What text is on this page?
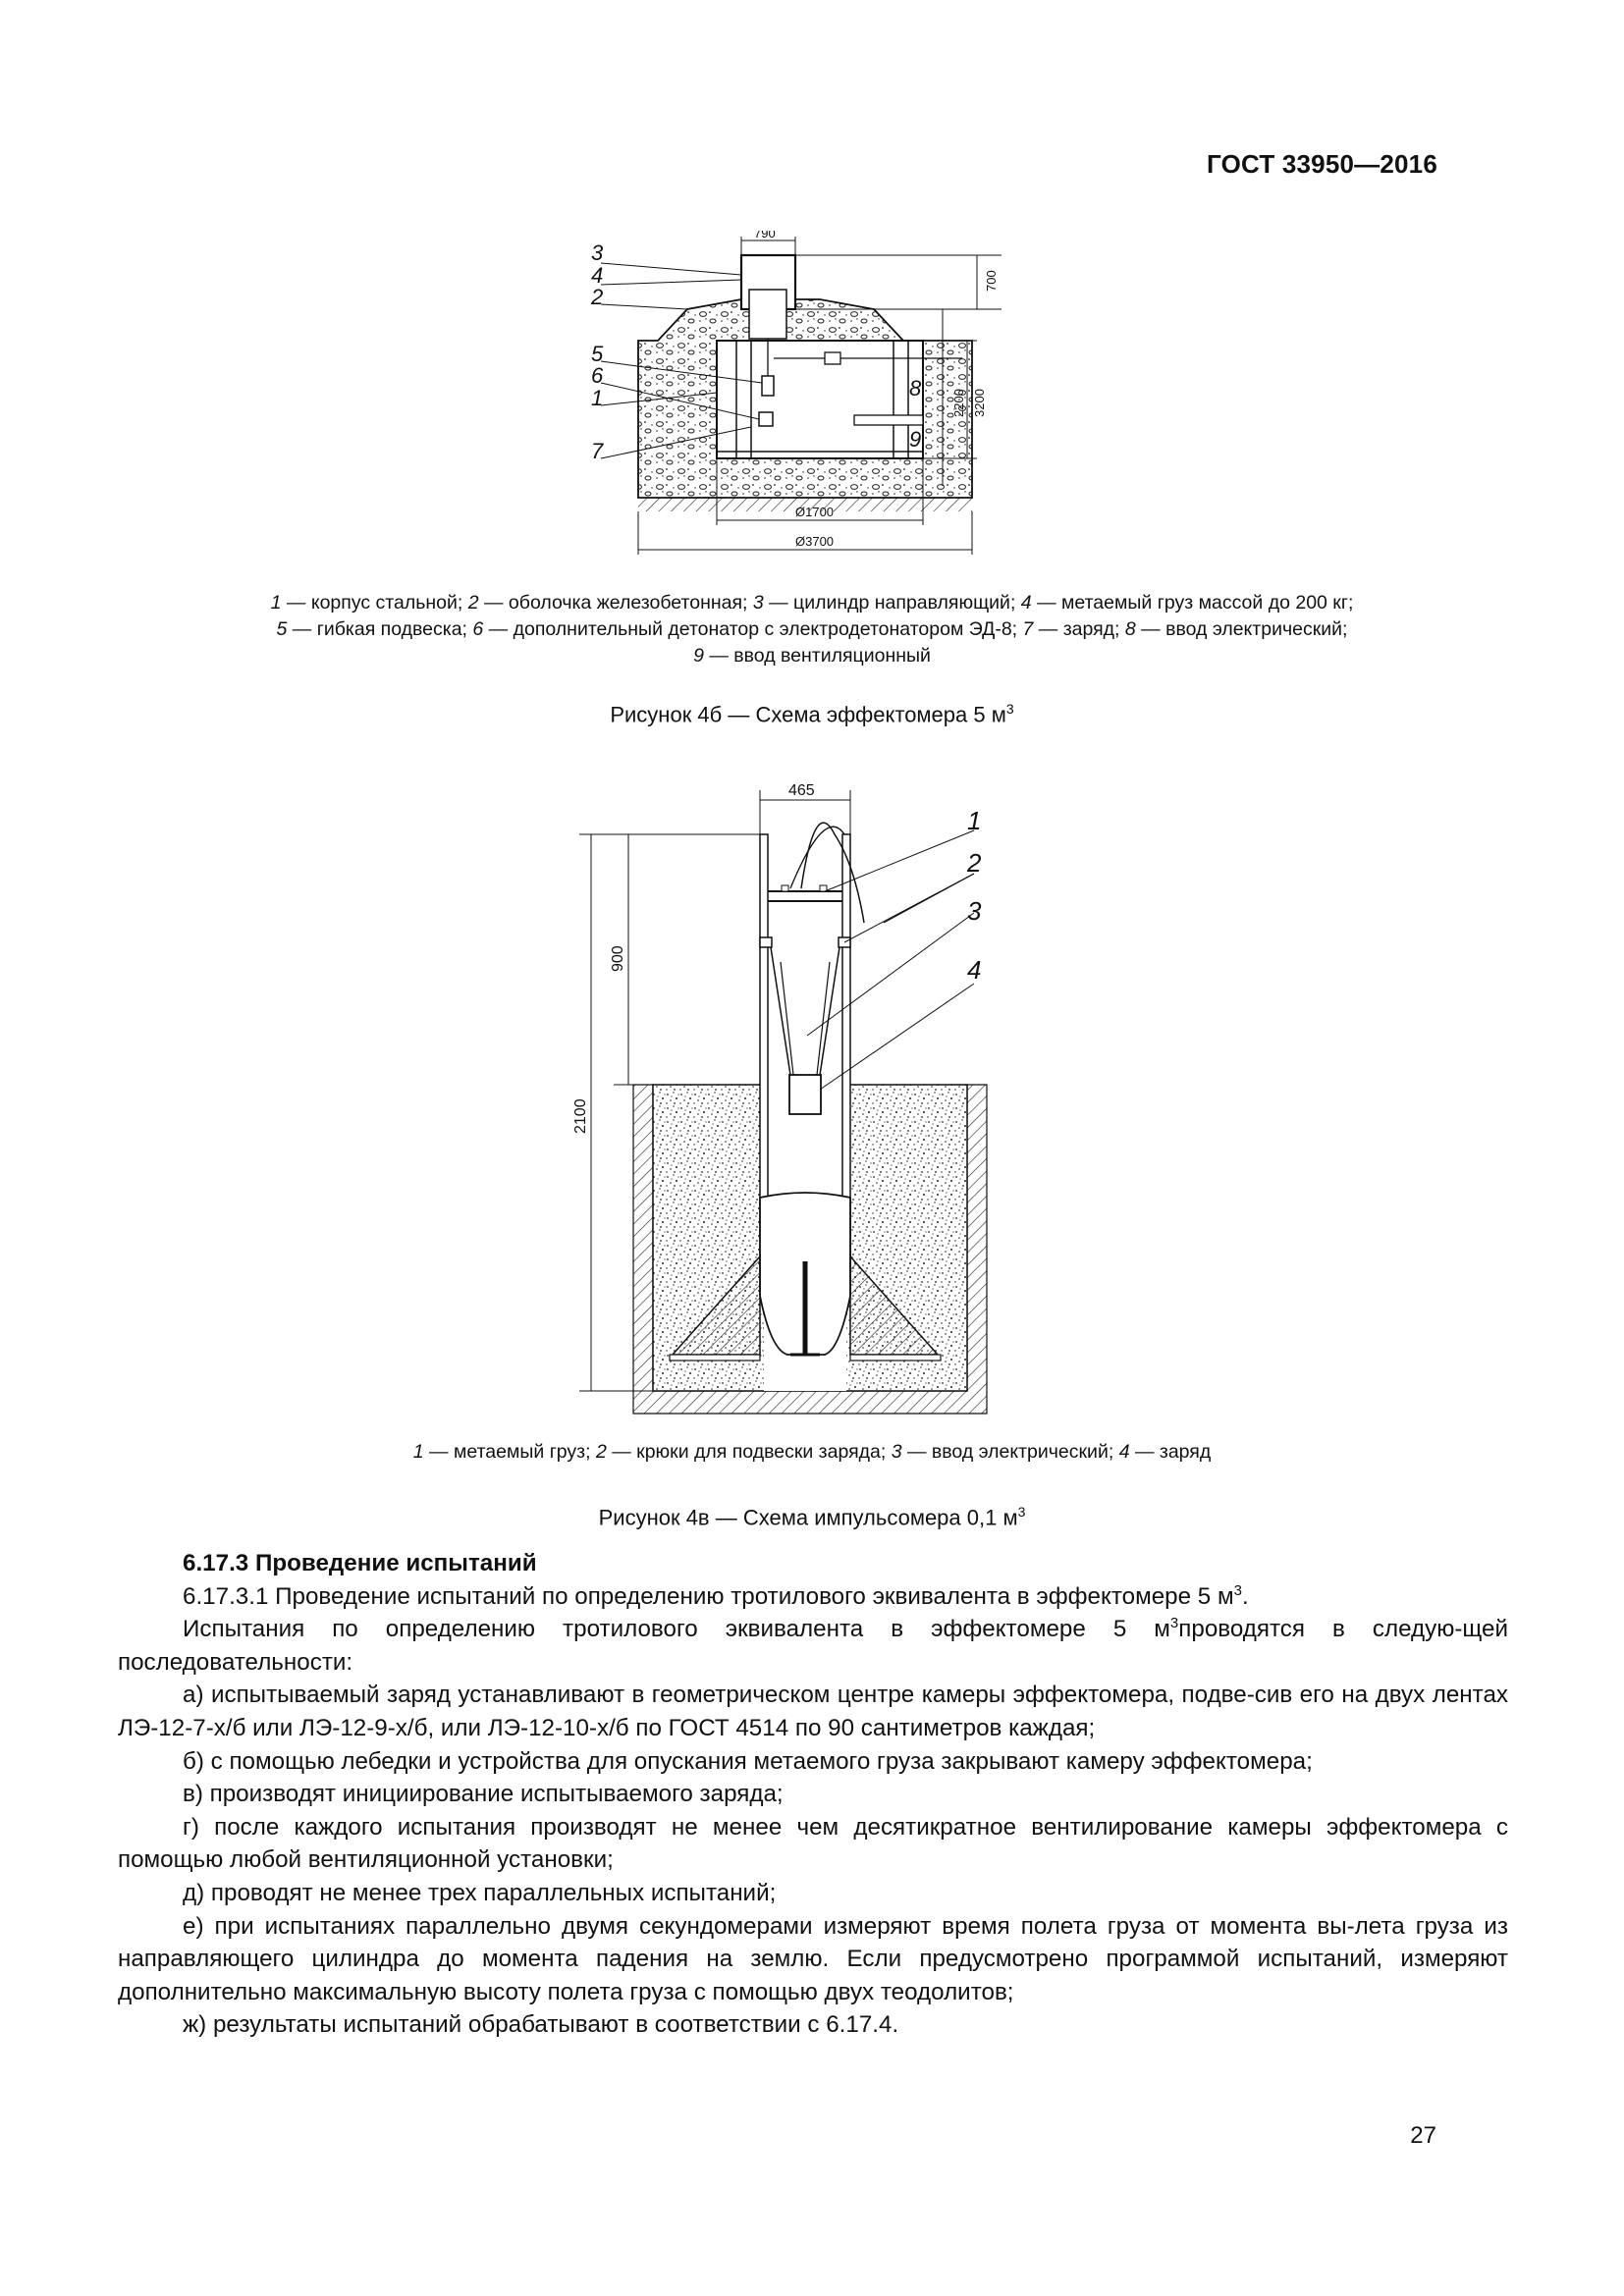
ГОСТ 33950—2016
3
4
2
5
6
1
7
8
9
790
700
2200 3200
Ø1700
Ø3700
1 — корпус стальной; 2 — оболочка железобетонная; 3 — цилиндр направляющий; 4 — метаемый груз массой до 200 кг;
5 — гибкая подвеска; 6 — дополнительный детонатор с электродетонатором ЭД-8; 7 — заряд; 8 — ввод электрический;
9 — ввод вентиляционный
Рисунок 4б — Схема эффектомера 5 $м^3$
1
2
3
4
465
900
2100
1 — метаемый груз; 2 — крюки для подвески заряда; 3 — ввод электрический; 4 — заряд
Рисунок 4в — Схема импульсомера 0,1 $м^3$

6.17.3 Проведение испытаний

6.17.3.1 Проведение испытаний по определению тротилового эквивалента в эффектомере 5 $м^3$.

Испытания по определению тротилового эквивалента в эффектомере 5 $м^3проводятся$ в следую-щей последовательности:

а) испытываемый заряд устанавливают в геометрическом центре камеры эффектомера, подве-сив его на двух лентах ЛЭ-12-7-х/б или ЛЭ-12-9-х/б, или ЛЭ-12-10-х/б по ГОСТ 4514 по 90 сантиметров каждая;

б) с помощью лебедки и устройства для опускания метаемого груза закрывают камеру эффектомера;

в) производят инициирование испытываемого заряда;

г) после каждого испытания производят не менее чем десятикратное вентилирование камеры эффектомера с помощью любой вентиляционной установки;

д) проводят не менее трех параллельных испытаний;

е) при испытаниях параллельно двумя секундомерами измеряют время полета груза от момента вы-лета груза из направляющего цилиндра до момента падения на землю. Если предусмотрено программой испытаний, измеряют дополнительно максимальную высоту полета груза с помощью двух теодолитов;

ж) результаты испытаний обрабатывают в соответствии с 6.17.4.

27
